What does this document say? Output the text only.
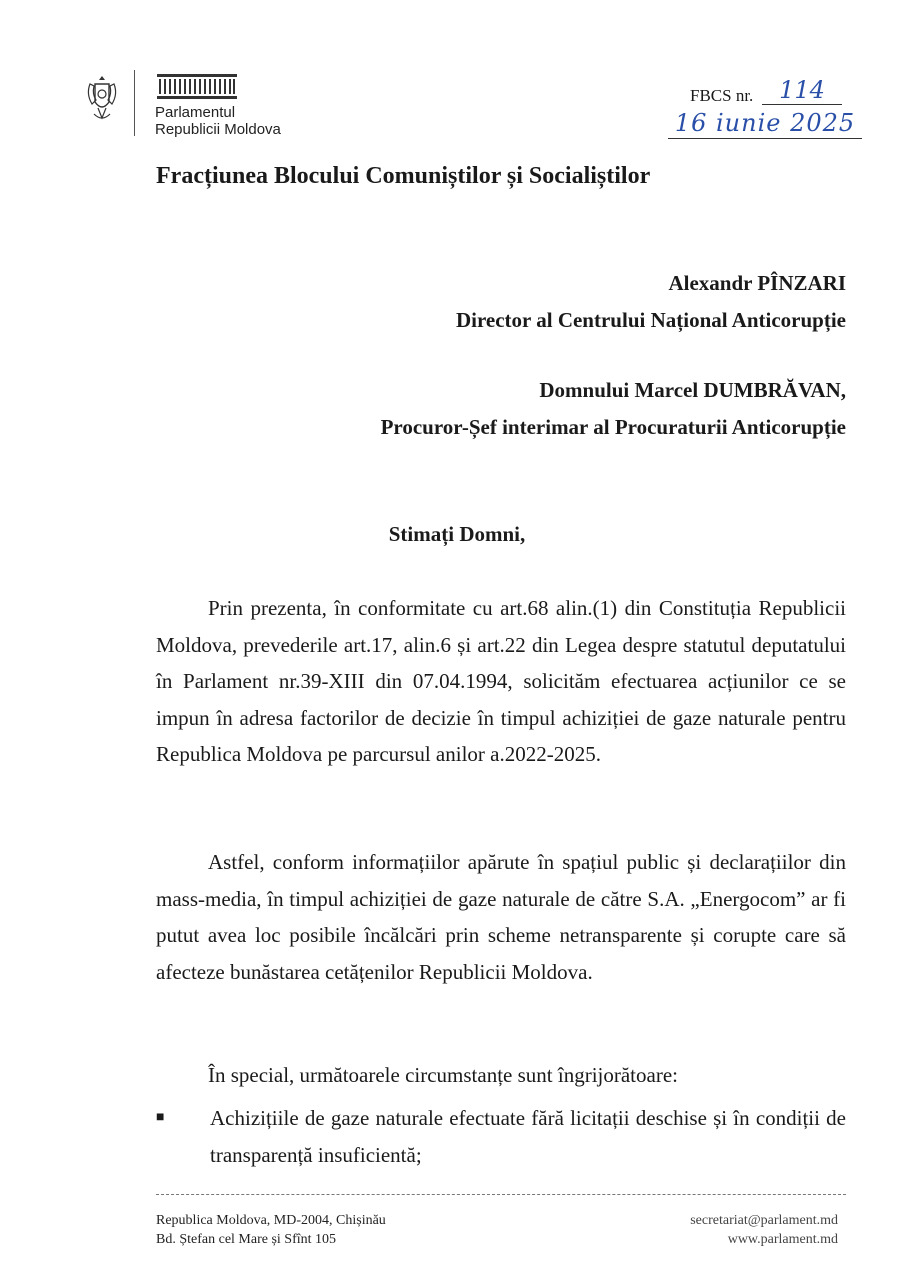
Parlamentul
Republicii Moldova
FBCS nr.	114
16 iunie 2025
Fracțiunea Blocului Comuniștilor și Socialiștilor
Alexandr PÎNZARI
Director al Centrului Național Anticorupție
Domnului Marcel DUMBRĂVAN,
Procuror-Șef interimar al Procuraturii Anticorupție
Stimați Domni,

Prin prezenta, în conformitate cu art.68 alin.(1) din Constituția Republicii Moldova, prevederile art.17, alin.6 și art.22 din Legea despre statutul deputatului în Parlament nr.39-XIII din 07.04.1994, solicităm efectuarea acțiunilor ce se impun în adresa factorilor de decizie în timpul achiziției de gaze naturale pentru Republica Moldova pe parcursul anilor a.2022-2025.

Astfel, conform informațiilor apărute în spațiul public și declarațiilor din mass-media, în timpul achiziției de gaze naturale de către S.A. „Energocom” ar fi putut avea loc posibile încălcări prin scheme netransparente și corupte care să afecteze bunăstarea cetățenilor Republicii Moldova.

În special, următoarele circumstanțe sunt îngrijorătoare:
■ Achizițiile de gaze naturale efectuate fără licitații deschise și în condiții de transparență insuficientă;
Republica Moldova, MD-2004, Chișinău
Bd. Ștefan cel Mare și Sfînt 105
secretariat@parlament.md
www.parlament.md
